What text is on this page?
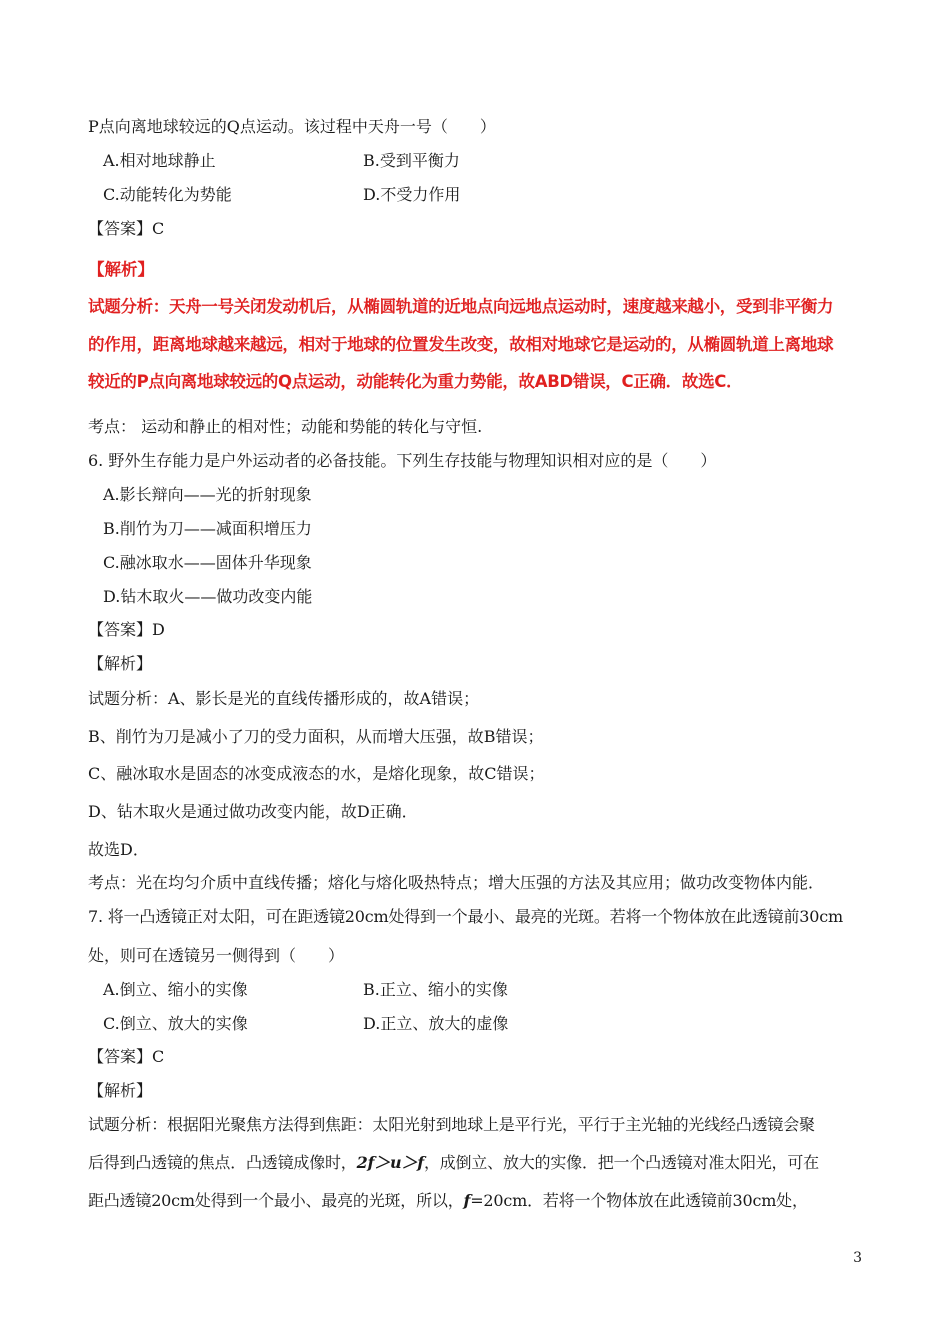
P点向离地球较远的Q点运动。该过程中天舟一号（　　）
A.相对地球静止	B.受到平衡力
C.动能转化为势能	D.不受力作用
【答案】C
【解析】
试题分析：天舟一号关闭发动机后，从椭圆轨道的近地点向远地点运动时，速度越来越小，受到非平衡力
的作用，距离地球越来越远，相对于地球的位置发生改变，故相对地球它是运动的，从椭圆轨道上离地球
较近的P点向离地球较远的Q点运动，动能转化为重力势能，故ABD错误，C正确．故选C．
考点： 运动和静止的相对性；动能和势能的转化与守恒.
6. 野外生存能力是户外运动者的必备技能。下列生存技能与物理知识相对应的是（　　）
A.影长辩向——光的折射现象
B.削竹为刀——减面积增压力
C.融冰取水——固体升华现象
D.钻木取火——做功改变内能
【答案】D
【解析】
试题分析：A、影长是光的直线传播形成的，故A错误；
B、削竹为刀是减小了刀的受力面积，从而增大压强，故B错误；
C、融冰取水是固态的冰变成液态的水，是熔化现象，故C错误；
D、钻木取火是通过做功改变内能，故D正确．
故选D．
考点：光在均匀介质中直线传播；熔化与熔化吸热特点；增大压强的方法及其应用；做功改变物体内能．
7. 将一凸透镜正对太阳，可在距透镜20cm处得到一个最小、最亮的光斑。若将一个物体放在此透镜前30cm
处，则可在透镜另一侧得到（　　）
A.倒立、缩小的实像	B.正立、缩小的实像
C.倒立、放大的实像	D.正立、放大的虚像
【答案】C
【解析】
试题分析：根据阳光聚焦方法得到焦距：太阳光射到地球上是平行光，平行于主光轴的光线经凸透镜会聚
后得到凸透镜的焦点．凸透镜成像时，2f＞u＞f，成倒立、放大的实像．把一个凸透镜对准太阳光，可在
距凸透镜20cm处得到一个最小、最亮的光斑，所以，f=20cm．若将一个物体放在此透镜前30cm处，
3
